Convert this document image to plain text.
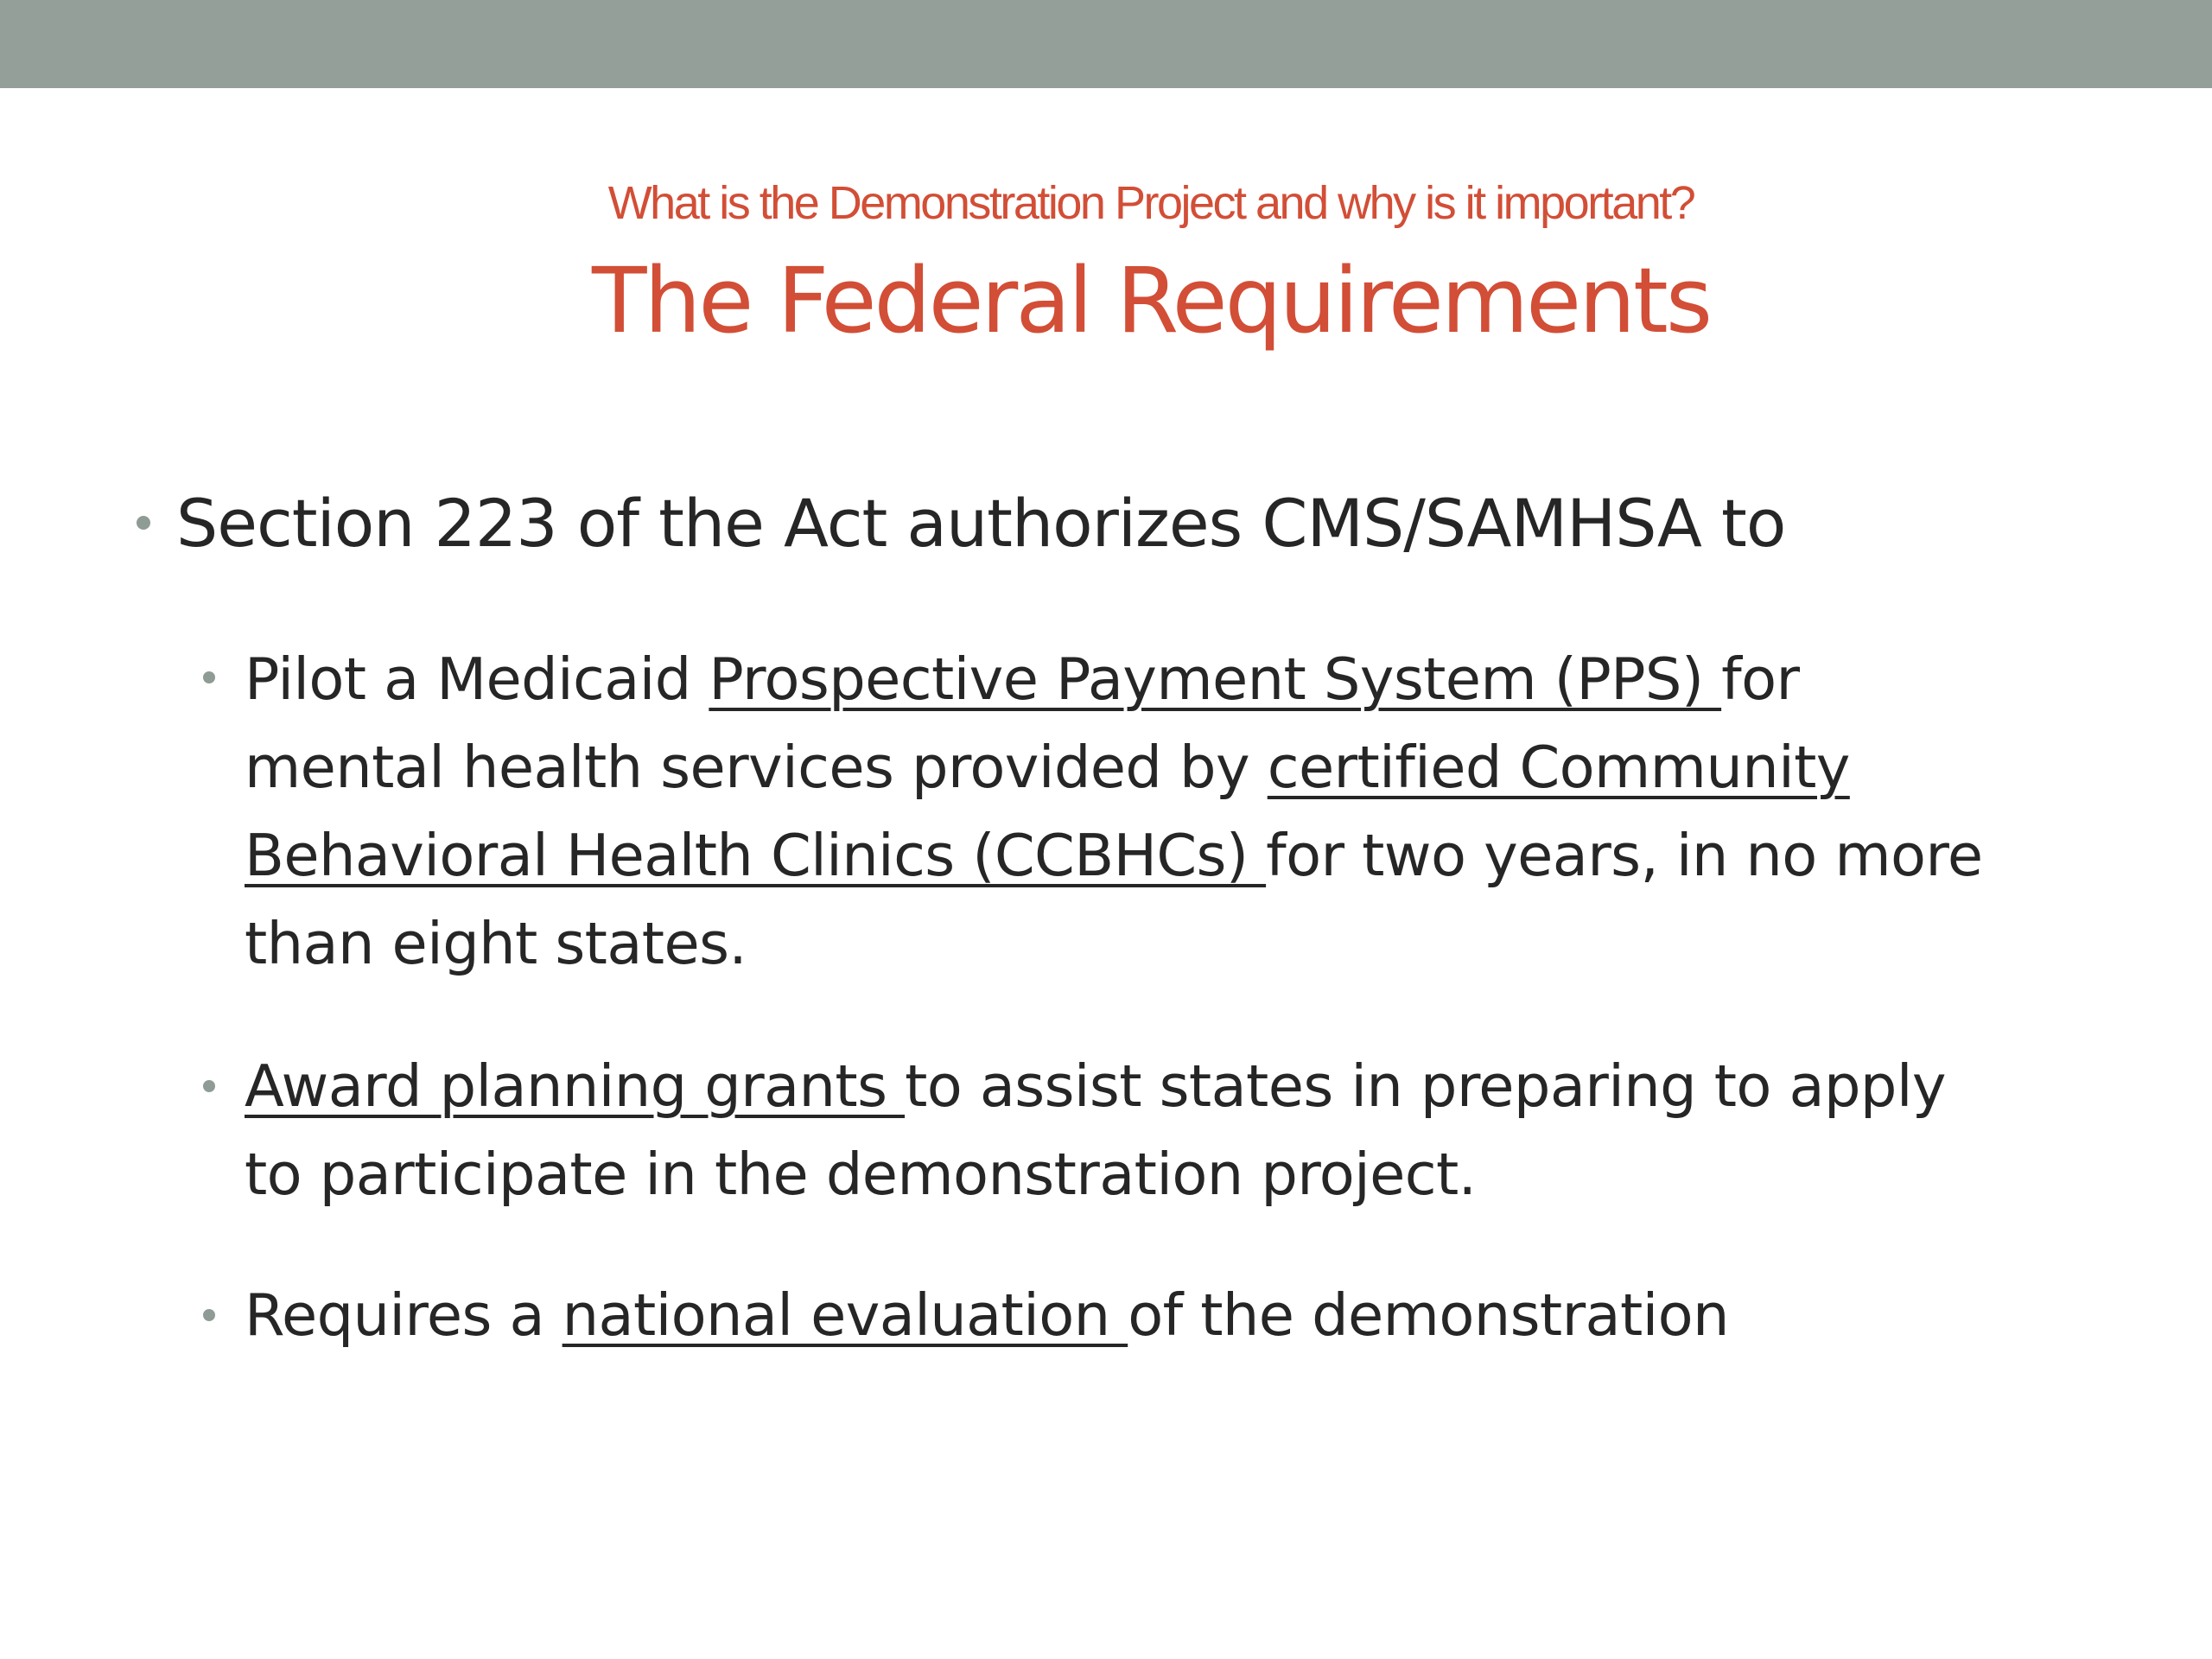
What is the Demonstration Project and why is it important?
The Federal Requirements
Section 223 of the Act authorizes CMS/SAMHSA to
Pilot a Medicaid Prospective Payment System (PPS) for
mental health services provided by certified Community
Behavioral Health Clinics (CCBHCs) for two years, in no more
than eight states.
Award planning grants to assist states in preparing to apply
to participate in the demonstration project.
Requires a national evaluation of the demonstration
